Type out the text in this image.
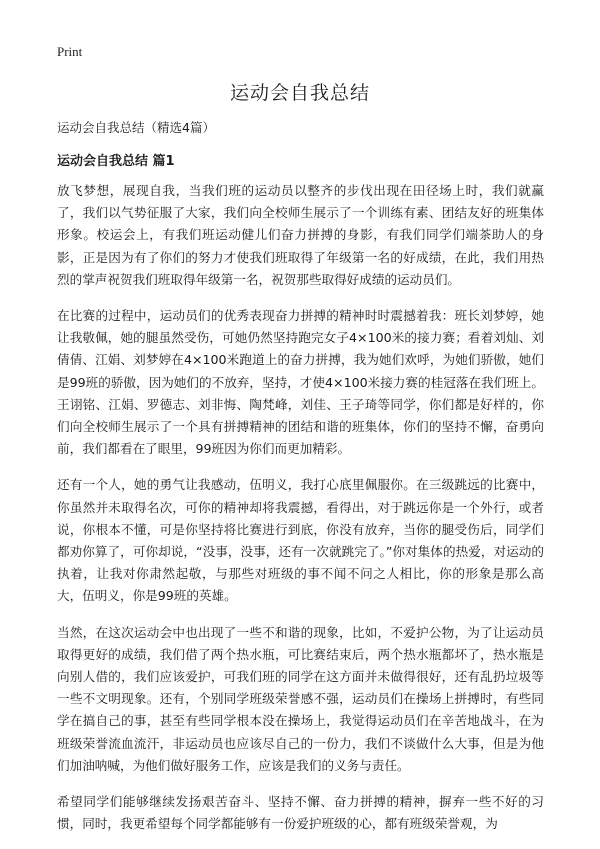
Print
运动会自我总结

运动会自我总结（精选4篇）

运动会自我总结 篇1

放飞梦想，展现自我，当我们班的运动员以整齐的步伐出现在田径场上时，我们就赢了，我们以气势征服了大家，我们向全校师生展示了一个训练有素、团结友好的班集体形象。校运会上，有我们班运动健儿们奋力拼搏的身影，有我们同学们端茶助人的身影，正是因为有了你们的努力才使我们班取得了年级第一名的好成绩，在此，我们用热烈的掌声祝贺我们班取得年级第一名，祝贺那些取得好成绩的运动员们。

在比赛的过程中，运动员们的优秀表现奋力拼搏的精神时时震撼着我：班长刘梦婷，她让我敬佩，她的腿虽然受伤，可她仍然坚持跑完女子4×100米的接力赛；看着刘灿、刘倩倩、江娟、刘梦婷在4×100米跑道上的奋力拼搏，我为她们欢呼，为她们骄傲，她们是99班的骄傲，因为她们的不放弃，坚持，才使4×100米接力赛的桂冠落在我们班上。王诩铭、江娟、罗德志、刘非悔、陶梵峰，刘佳、王子琦等同学，你们都是好样的，你们向全校师生展示了一个具有拼搏精神的团结和谐的班集体，你们的坚持不懈，奋勇向前，我们都看在了眼里，99班因为你们而更加精彩。

还有一个人，她的勇气让我感动，伍明义，我打心底里佩服你。在三级跳远的比赛中，你虽然并未取得名次，可你的精神却将我震撼，看得出，对于跳远你是一个外行，或者说，你根本不懂，可是你坚持将比赛进行到底，你没有放弃，当你的腿受伤后，同学们都劝你算了，可你却说，“没事，没事，还有一次就跳完了。”你对集体的热爱，对运动的执着，让我对你肃然起敬，与那些对班级的事不闻不问之人相比，你的形象是那么高大，伍明义，你是99班的英雄。

当然，在这次运动会中也出现了一些不和谐的现象，比如，不爱护公物，为了让运动员取得更好的成绩，我们借了两个热水瓶，可比赛结束后，两个热水瓶都坏了，热水瓶是向别人借的，我们应该爱护，可我们班的同学在这方面并未做得很好，还有乱扔垃圾等一些不文明现象。还有，个别同学班级荣誉感不强，运动员们在操场上拼搏时，有些同学在搞自己的事，甚至有些同学根本没在操场上，我觉得运动员们在辛苦地战斗，在为班级荣誉流血流汗，非运动员也应该尽自己的一份力，我们不谈做什么大事，但是为他们加油呐喊，为他们做好服务工作，应该是我们的义务与责任。

希望同学们能够继续发扬艰苦奋斗、坚持不懈、奋力拼搏的精神，摒弃一些不好的习惯，同时，我更希望每个同学都能够有一份爱护班级的心，都有班级荣誉观，为
